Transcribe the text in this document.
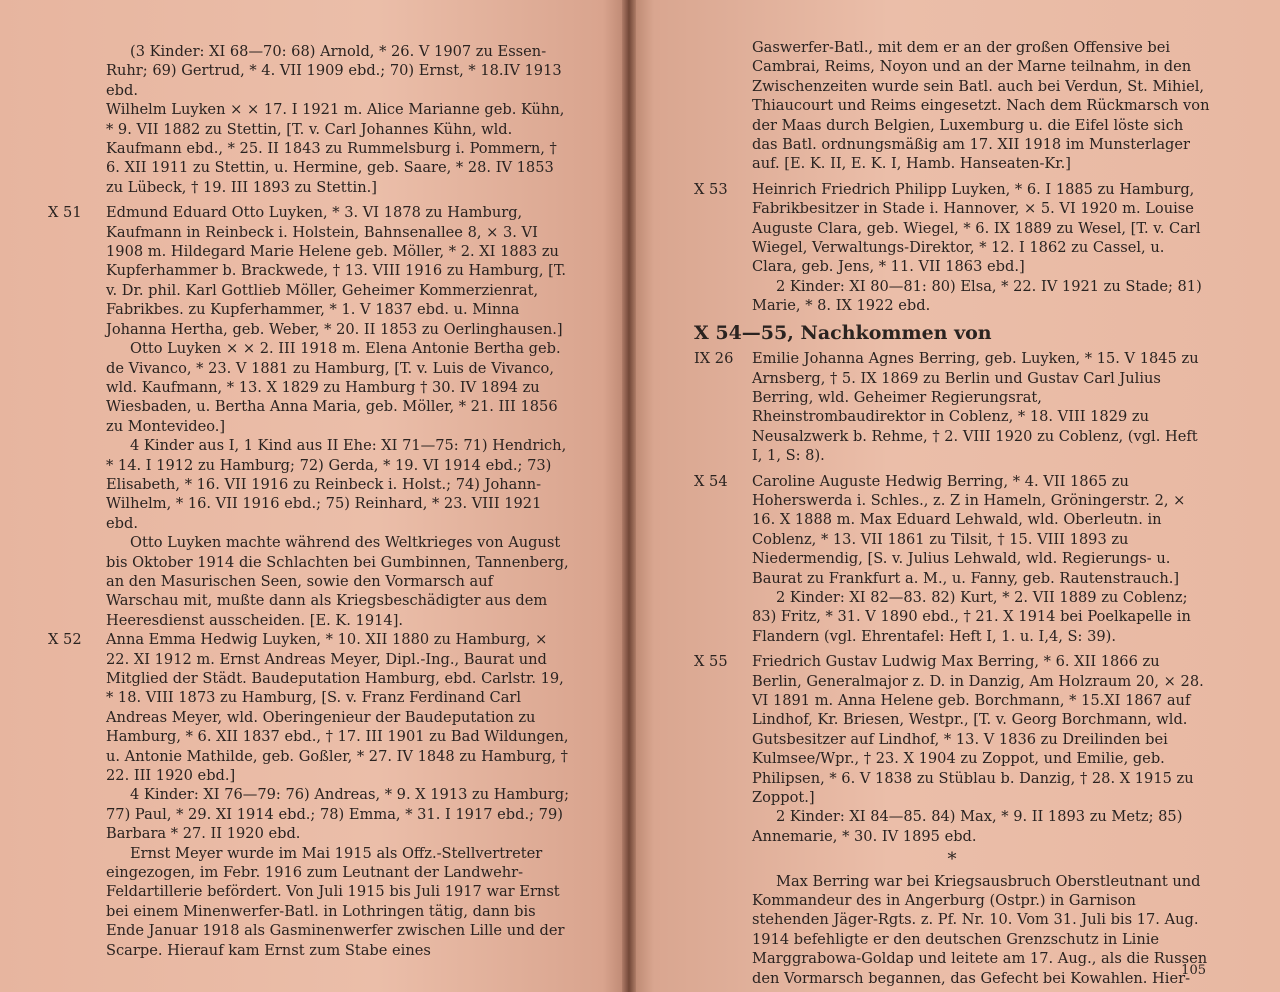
(3 Kinder: XI 68—70: 68) Arnold, * 26. V 1907 zu Essen-Ruhr; 69) Gertrud, * 4. VII 1909 ebd.; 70) Ernst, * 18.IV 1913 ebd.

Wilhelm Luyken × × 17. I 1921 m. Alice Marianne geb. Kühn, * 9. VII 1882 zu Stettin, [T. v. Carl Johannes Kühn, wld. Kaufmann ebd., * 25. II 1843 zu Rummelsburg i. Pommern, † 6. XII 1911 zu Stettin, u. Hermine, geb. Saare, * 28. IV 1853 zu Lübeck, † 19. III 1893 zu Stettin.]

X 51 Edmund Eduard Otto Luyken, * 3. VI 1878 zu Hamburg, Kaufmann in Reinbeck i. Holstein, Bahnsenallee 8, × 3. VI 1908 m. Hildegard Marie Helene geb. Möller, * 2. XI 1883 zu Kupferhammer b. Brackwede, † 13. VIII 1916 zu Hamburg, [T. v. Dr. phil. Karl Gottlieb Möller, Geheimer Kommerzienrat, Fabrikbes. zu Kupferhammer, * 1. V 1837 ebd. u. Minna Johanna Hertha, geb. Weber, * 20. II 1853 zu Oerlinghausen.]

Otto Luyken × × 2. III 1918 m. Elena Antonie Bertha geb. de Vivanco, * 23. V 1881 zu Hamburg, [T. v. Luis de Vivanco, wld. Kaufmann, * 13. X 1829 zu Hamburg † 30. IV 1894 zu Wiesbaden, u. Bertha Anna Maria, geb. Möller, * 21. III 1856 zu Montevideo.]

4 Kinder aus I, 1 Kind aus II Ehe: XI 71—75: 71) Hendrich, * 14. I 1912 zu Hamburg; 72) Gerda, * 19. VI 1914 ebd.; 73) Elisabeth, * 16. VII 1916 zu Reinbeck i. Holst.; 74) Johann-Wilhelm, * 16. VII 1916 ebd.; 75) Reinhard, * 23. VIII 1921 ebd.

Otto Luyken machte während des Weltkrieges von August bis Oktober 1914 die Schlachten bei Gumbinnen, Tannenberg, an den Masurischen Seen, sowie den Vormarsch auf Warschau mit, mußte dann als Kriegsbeschädigter aus dem Heeresdienst ausscheiden. [E. K. 1914].

X 52 Anna Emma Hedwig Luyken, * 10. XII 1880 zu Hamburg, × 22. XI 1912 m. Ernst Andreas Meyer, Dipl.-Ing., Baurat und Mitglied der Städt. Baudeputation Hamburg, ebd. Carlstr. 19, * 18. VIII 1873 zu Hamburg, [S. v. Franz Ferdinand Carl Andreas Meyer, wld. Oberingenieur der Baudeputation zu Hamburg, * 6. XII 1837 ebd., † 17. III 1901 zu Bad Wildungen, u. Antonie Mathilde, geb. Goßler, * 27. IV 1848 zu Hamburg, † 22. III 1920 ebd.]

4 Kinder: XI 76—79: 76) Andreas, * 9. X 1913 zu Hamburg; 77) Paul, * 29. XI 1914 ebd.; 78) Emma, * 31. I 1917 ebd.; 79) Barbara * 27. II 1920 ebd.

Ernst Meyer wurde im Mai 1915 als Offz.-Stellvertreter eingezogen, im Febr. 1916 zum Leutnant der Landwehr-Feldartillerie befördert. Von Juli 1915 bis Juli 1917 war Ernst bei einem Minenwerfer-Batl. in Lothringen tätig, dann bis Ende Januar 1918 als Gasminenwerfer zwischen Lille und der Scarpe. Hierauf kam Ernst zum Stabe eines

Gaswerfer-Batl., mit dem er an der großen Offensive bei Cambrai, Reims, Noyon und an der Marne teilnahm, in den Zwischenzeiten wurde sein Batl. auch bei Verdun, St. Mihiel, Thiaucourt und Reims eingesetzt. Nach dem Rückmarsch von der Maas durch Belgien, Luxemburg u. die Eifel löste sich das Batl. ordnungsmäßig am 17. XII 1918 im Munsterlager auf. [E. K. II, E. K. I, Hamb. Hanseaten-Kr.]

X 53 Heinrich Friedrich Philipp Luyken, * 6. I 1885 zu Hamburg, Fabrikbesitzer in Stade i. Hannover, × 5. VI 1920 m. Louise Auguste Clara, geb. Wiegel, * 6. IX 1889 zu Wesel, [T. v. Carl Wiegel, Verwaltungs-Direktor, * 12. I 1862 zu Cassel, u. Clara, geb. Jens, * 11. VII 1863 ebd.]

2 Kinder: XI 80—81: 80) Elsa, * 22. IV 1921 zu Stade; 81) Marie, * 8. IX 1922 ebd.

X 54—55, Nachkommen von
IX 26 Emilie Johanna Agnes Berring, geb. Luyken, * 15. V 1845 zu Arnsberg, † 5. IX 1869 zu Berlin und Gustav Carl Julius Berring, wld. Geheimer Regierungsrat, Rheinstrombaudirektor in Coblenz, * 18. VIII 1829 zu Neusalzwerk b. Rehme, † 2. VIII 1920 zu Coblenz, (vgl. Heft I, 1, S: 8).

X 54 Caroline Auguste Hedwig Berring, * 4. VII 1865 zu Hoherswerda i. Schles., z. Z in Hameln, Gröningerstr. 2, × 16. X 1888 m. Max Eduard Lehwald, wld. Oberleutn. in Coblenz, * 13. VII 1861 zu Tilsit, † 15. VIII 1893 zu Niedermendig, [S. v. Julius Lehwald, wld. Regierungs- u. Baurat zu Frankfurt a. M., u. Fanny, geb. Rautenstrauch.]

2 Kinder: XI 82—83. 82) Kurt, * 2. VII 1889 zu Coblenz; 83) Fritz, * 31. V 1890 ebd., † 21. X 1914 bei Poelkapelle in Flandern (vgl. Ehrentafel: Heft I, 1. u. I,4, S: 39).

X 55 Friedrich Gustav Ludwig Max Berring, * 6. XII 1866 zu Berlin, Generalmajor z. D. in Danzig, Am Holzraum 20, × 28. VI 1891 m. Anna Helene geb. Borchmann, * 15.XI 1867 auf Lindhof, Kr. Briesen, Westpr., [T. v. Georg Borchmann, wld. Gutsbesitzer auf Lindhof, * 13. V 1836 zu Dreilinden bei Kulmsee/Wpr., † 23. X 1904 zu Zoppot, und Emilie, geb. Philipsen, * 6. V 1838 zu Stüblau b. Danzig, † 28. X 1915 zu Zoppot.]

2 Kinder: XI 84—85. 84) Max, * 9. II 1893 zu Metz; 85) Annemarie, * 30. IV 1895 ebd.

*

Max Berring war bei Kriegsausbruch Oberstleutnant und Kommandeur des in Angerburg (Ostpr.) in Garnison stehenden Jäger-Rgts. z. Pf. Nr. 10. Vom 31. Juli bis 17. Aug. 1914 befehligte er den deutschen Grenzschutz in Linie Marggrabowa-Goldap und leitete am 17. Aug., als die Russen den Vormarsch begannen, das Gefecht bei Kowahlen. Hier-

105
